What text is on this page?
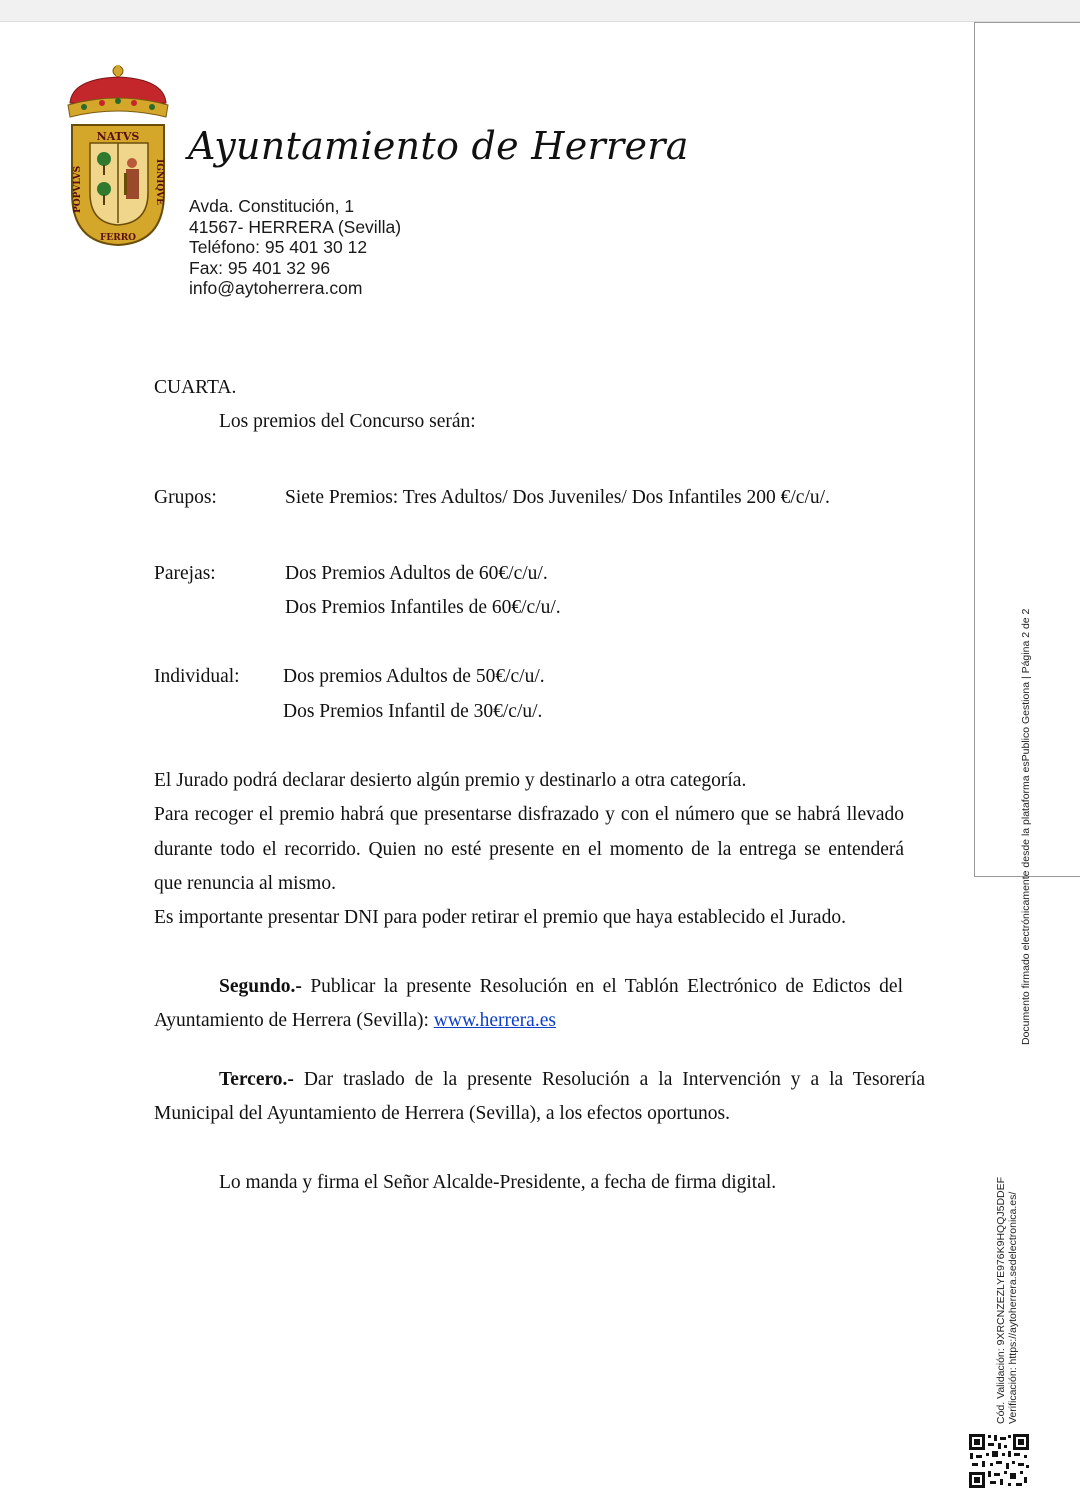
NATVS
IGNIQVE
POPVLVS
FERRO
Ayuntamiento de Herrera
Avda. Constitución, 1
41567- HERRERA (Sevilla)
Teléfono: 95 401 30 12
Fax: 95 401 32 96
info@aytoherrera.com
CUARTA.
Los premios del Concurso serán:
Grupos:	Siete Premios: Tres Adultos/ Dos Juveniles/ Dos Infantiles 200 €/c/u/.
Parejas:	Dos Premios Adultos de 60€/c/u/.
Dos Premios Infantiles de 60€/c/u/.
Individual: Dos premios Adultos de 50€/c/u/.
Dos Premios Infantil de 30€/c/u/.
El Jurado podrá declarar desierto algún premio y destinarlo a otra categoría.
Para recoger el premio habrá que presentarse disfrazado y con el número que se habrá llevado
durante todo el recorrido. Quien no esté presente en el momento de la entrega se entenderá
que renuncia al mismo.
Es importante presentar DNI para poder retirar el premio que haya establecido el Jurado.
Segundo.- Publicar la presente Resolución en el Tablón Electrónico de Edictos del
Ayuntamiento de Herrera (Sevilla): www.herrera.es
Tercero.- Dar traslado de la presente Resolución a la Intervención y a la Tesorería
Municipal del Ayuntamiento de Herrera (Sevilla), a los efectos oportunos.
Lo manda y firma el Señor Alcalde-Presidente, a fecha de firma digital.	Cód. Validación: 9XRCNZEZLYE976K9HQQJ5DDEF Verificación: https://aytoherrera.sedelectronica.es/
Documento firmado electrónicamente desde la plataforma esPublico Gestiona | Página 2 de 2
